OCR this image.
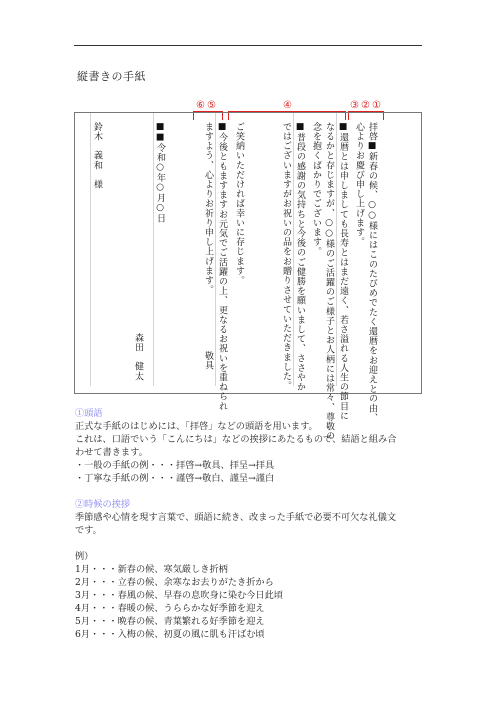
縦書きの手紙
⑥ ⑤	④	③ ② ①
拝啓■新春の候、○○様にはこのたびめでたく還暦をお迎えとの由、
心よりお慶び申し上げます。
■還暦とは申しましても長寿とはまだ遠く、若さ溢れる人生の節目に
なるかと存じますが、○○様のご活躍のご様子とお人柄には常々、尊敬の
念を抱くばかりでございます。
■普段の感謝の気持ちと今後のご健勝を願いまして、ささやか
ではございますがお祝いの品をお贈りさせていただきました。
ご笑納いただければ幸いに存じます。
■今後ともますますお元気でご活躍の上、更なるお祝いを重ねられ
ますよう、心よりお祈り申し上げます。
敬具
■■令和○年○月○日
森田　健太
鈴木　義和　様

①頭語

正式な手紙のはじめには、「拝啓」などの頭語を用います。

これは、口語でいう「こんにちは」などの挨拶にあたるもので、結語と組み合

わせて書きます。

・一般の手紙の例・・・拝啓→敬具、拝呈→拝具

・丁寧な手紙の例・・・謹啓→敬白、謹呈→謹白

②時候の挨拶

季節感や心情を現す言葉で、頭語に続き、改まった手紙で必要不可欠な礼儀文

です。

例）

1月・・・新春の候、寒気厳しき折柄

2月・・・立春の候、余寒なお去りがたき折から

3月・・・春風の候、早春の息吹身に染む今日此頃

4月・・・春暖の候、うららかな好季節を迎え

5月・・・晩春の候、青葉繁れる好季節を迎え

6月・・・入梅の候、初夏の風に肌も汗ばむ頃
